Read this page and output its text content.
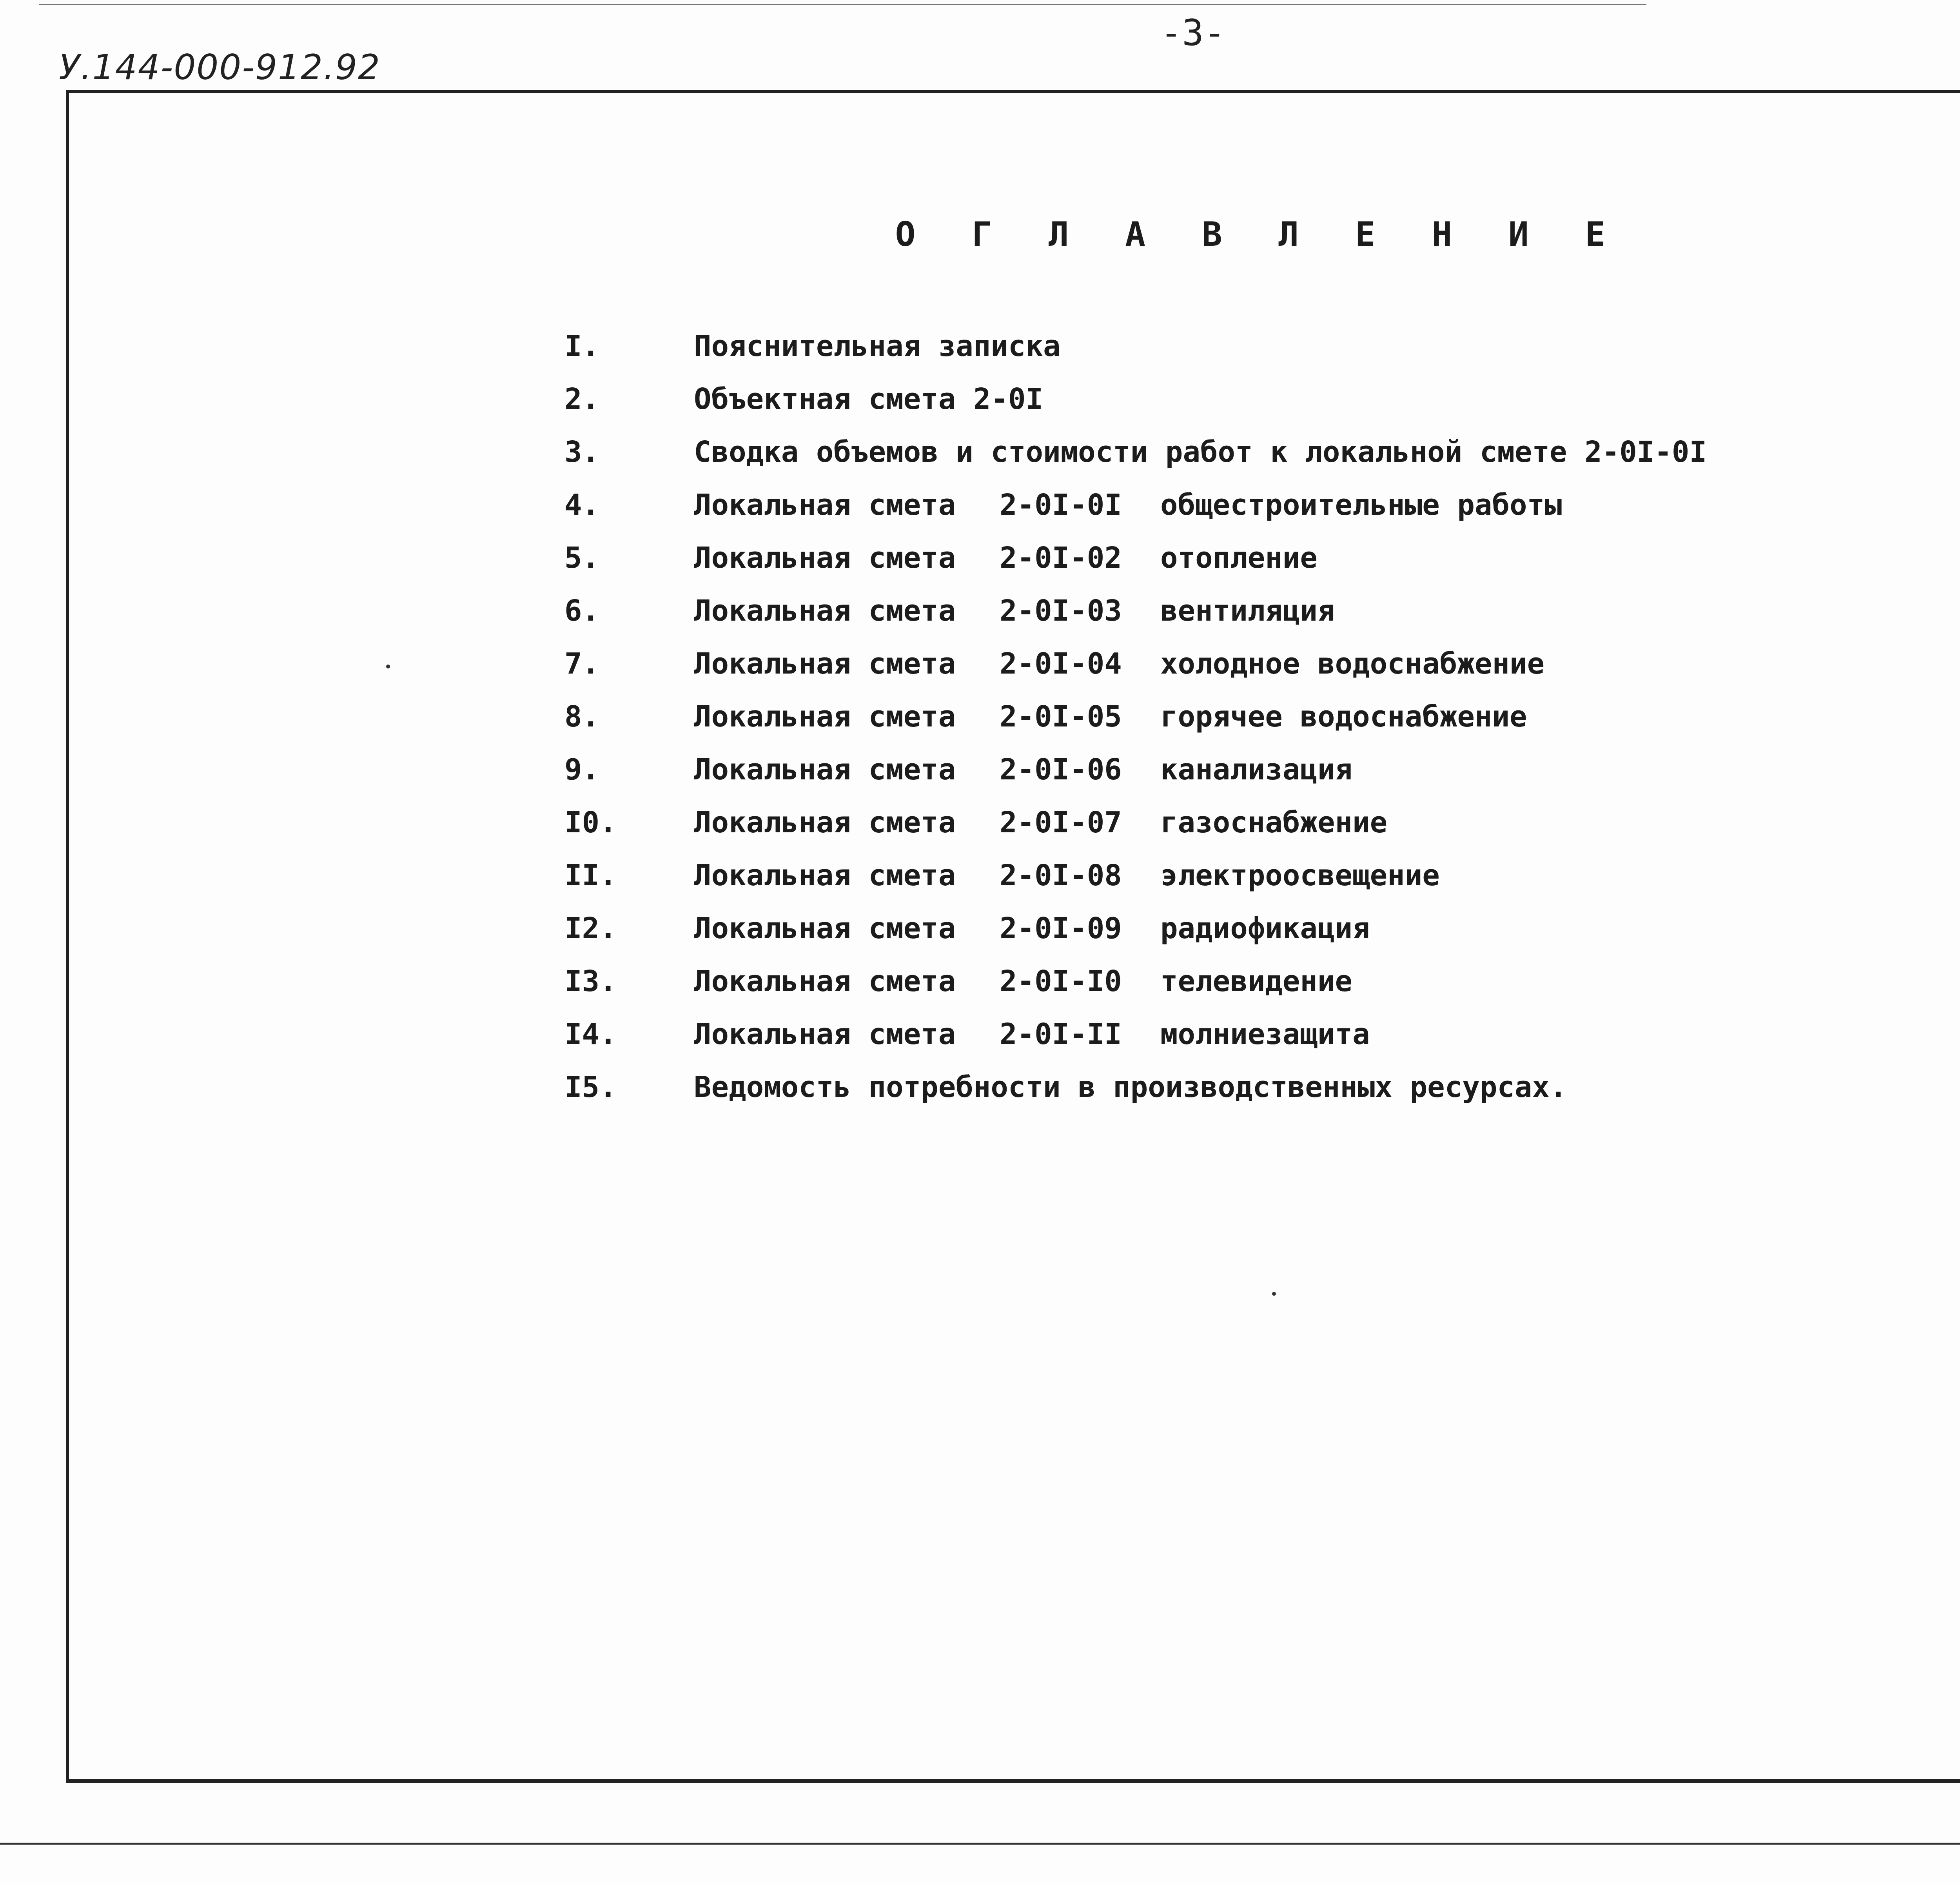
У.144-000-912.92
-3-
О Г Л А В Л Е Н И Е
I.	Пояснительная записка
2.	Объектная смета 2-0I
3.	Сводка объемов и стоимости работ к локальной смете 2-0I-0I
4.	Локальная смета 2-0I-0I общестроительные работы
5.	Локальная смета 2-0I-02 отопление
6.	Локальная смета 2-0I-03 вентиляция
7.	Локальная смета 2-0I-04 холодное водоснабжение
8.	Локальная смета 2-0I-05 горячее водоснабжение
9.	Локальная смета 2-0I-06 канализация
I0.	Локальная смета 2-0I-07 газоснабжение
II.	Локальная смета 2-0I-08 электроосвещение
I2.	Локальная смета 2-0I-09 радиофикация
I3.	Локальная смета 2-0I-I0 телевидение
I4.	Локальная смета 2-0I-II молниезащита
I5.	Ведомость потребности в производственных ресурсах.
